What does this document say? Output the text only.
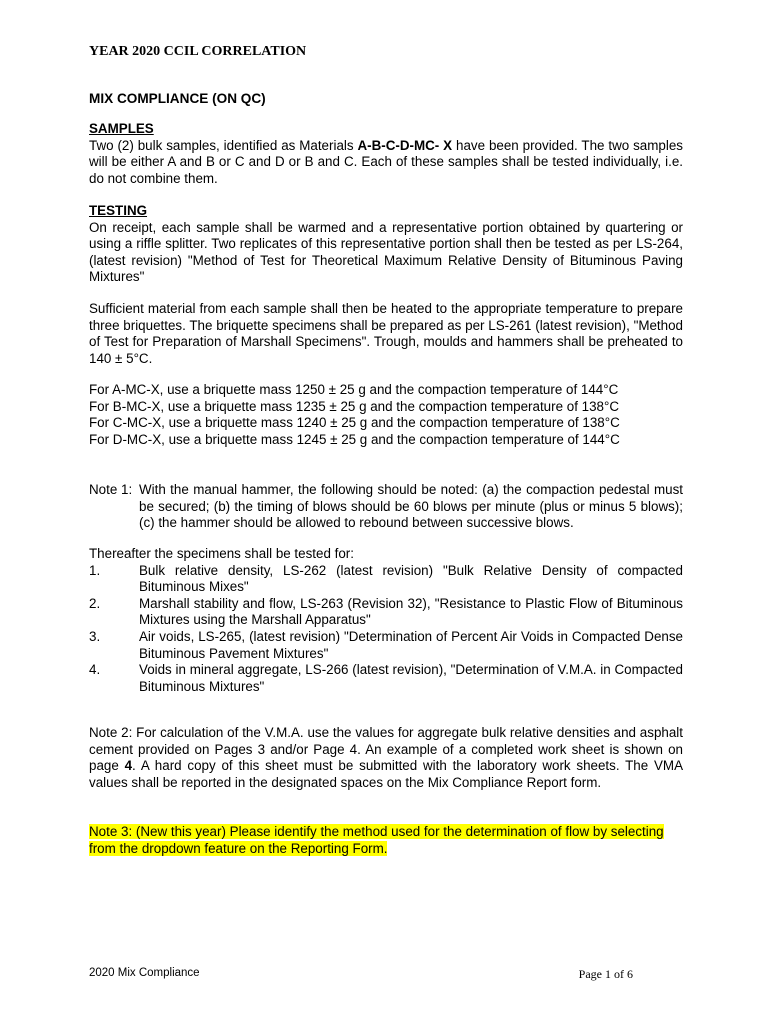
YEAR 2020 CCIL CORRELATION
MIX COMPLIANCE (ON QC)
SAMPLES
Two (2) bulk samples, identified as Materials A-B-C-D-MC- X have been provided. The two samples will be either A and B or C and D or B and C. Each of these samples shall be tested individually, i.e. do not combine them.
TESTING
On receipt, each sample shall be warmed and a representative portion obtained by quartering or using a riffle splitter. Two replicates of this representative portion shall then be tested as per LS-264, (latest revision) "Method of Test for Theoretical Maximum Relative Density of Bituminous Paving Mixtures"
Sufficient material from each sample shall then be heated to the appropriate temperature to prepare three briquettes. The briquette specimens shall be prepared as per LS-261 (latest revision), "Method of Test for Preparation of Marshall Specimens". Trough, moulds and hammers shall be preheated to 140 ± 5°C.
For A-MC-X, use a briquette mass 1250 ± 25 g and the compaction temperature of 144°C
For B-MC-X, use a briquette mass 1235 ± 25 g and the compaction temperature of 138°C
For C-MC-X, use a briquette mass 1240 ± 25 g and the compaction temperature of 138°C
For D-MC-X, use a briquette mass 1245 ± 25 g and the compaction temperature of 144°C
Note 1: With the manual hammer, the following should be noted: (a) the compaction pedestal must be secured; (b) the timing of blows should be 60 blows per minute (plus or minus 5 blows); (c) the hammer should be allowed to rebound between successive blows.
Thereafter the specimens shall be tested for:
1.	Bulk relative density, LS-262 (latest revision) "Bulk Relative Density of compacted Bituminous Mixes"
2.	Marshall stability and flow, LS-263 (Revision 32), "Resistance to Plastic Flow of Bituminous Mixtures using the Marshall Apparatus"
3.	Air voids, LS-265, (latest revision) "Determination of Percent Air Voids in Compacted Dense Bituminous Pavement Mixtures"
4.	Voids in mineral aggregate, LS-266 (latest revision), "Determination of V.M.A. in Compacted Bituminous Mixtures"
Note 2: For calculation of the V.M.A. use the values for aggregate bulk relative densities and asphalt cement provided on Pages 3 and/or Page 4. An example of a completed work sheet is shown on page 4. A hard copy of this sheet must be submitted with the laboratory work sheets. The VMA values shall be reported in the designated spaces on the Mix Compliance Report form.
Note 3: (New this year) Please identify the method used for the determination of flow by selecting from the dropdown feature on the Reporting Form.
2020 Mix Compliance	Page 1 of 6
